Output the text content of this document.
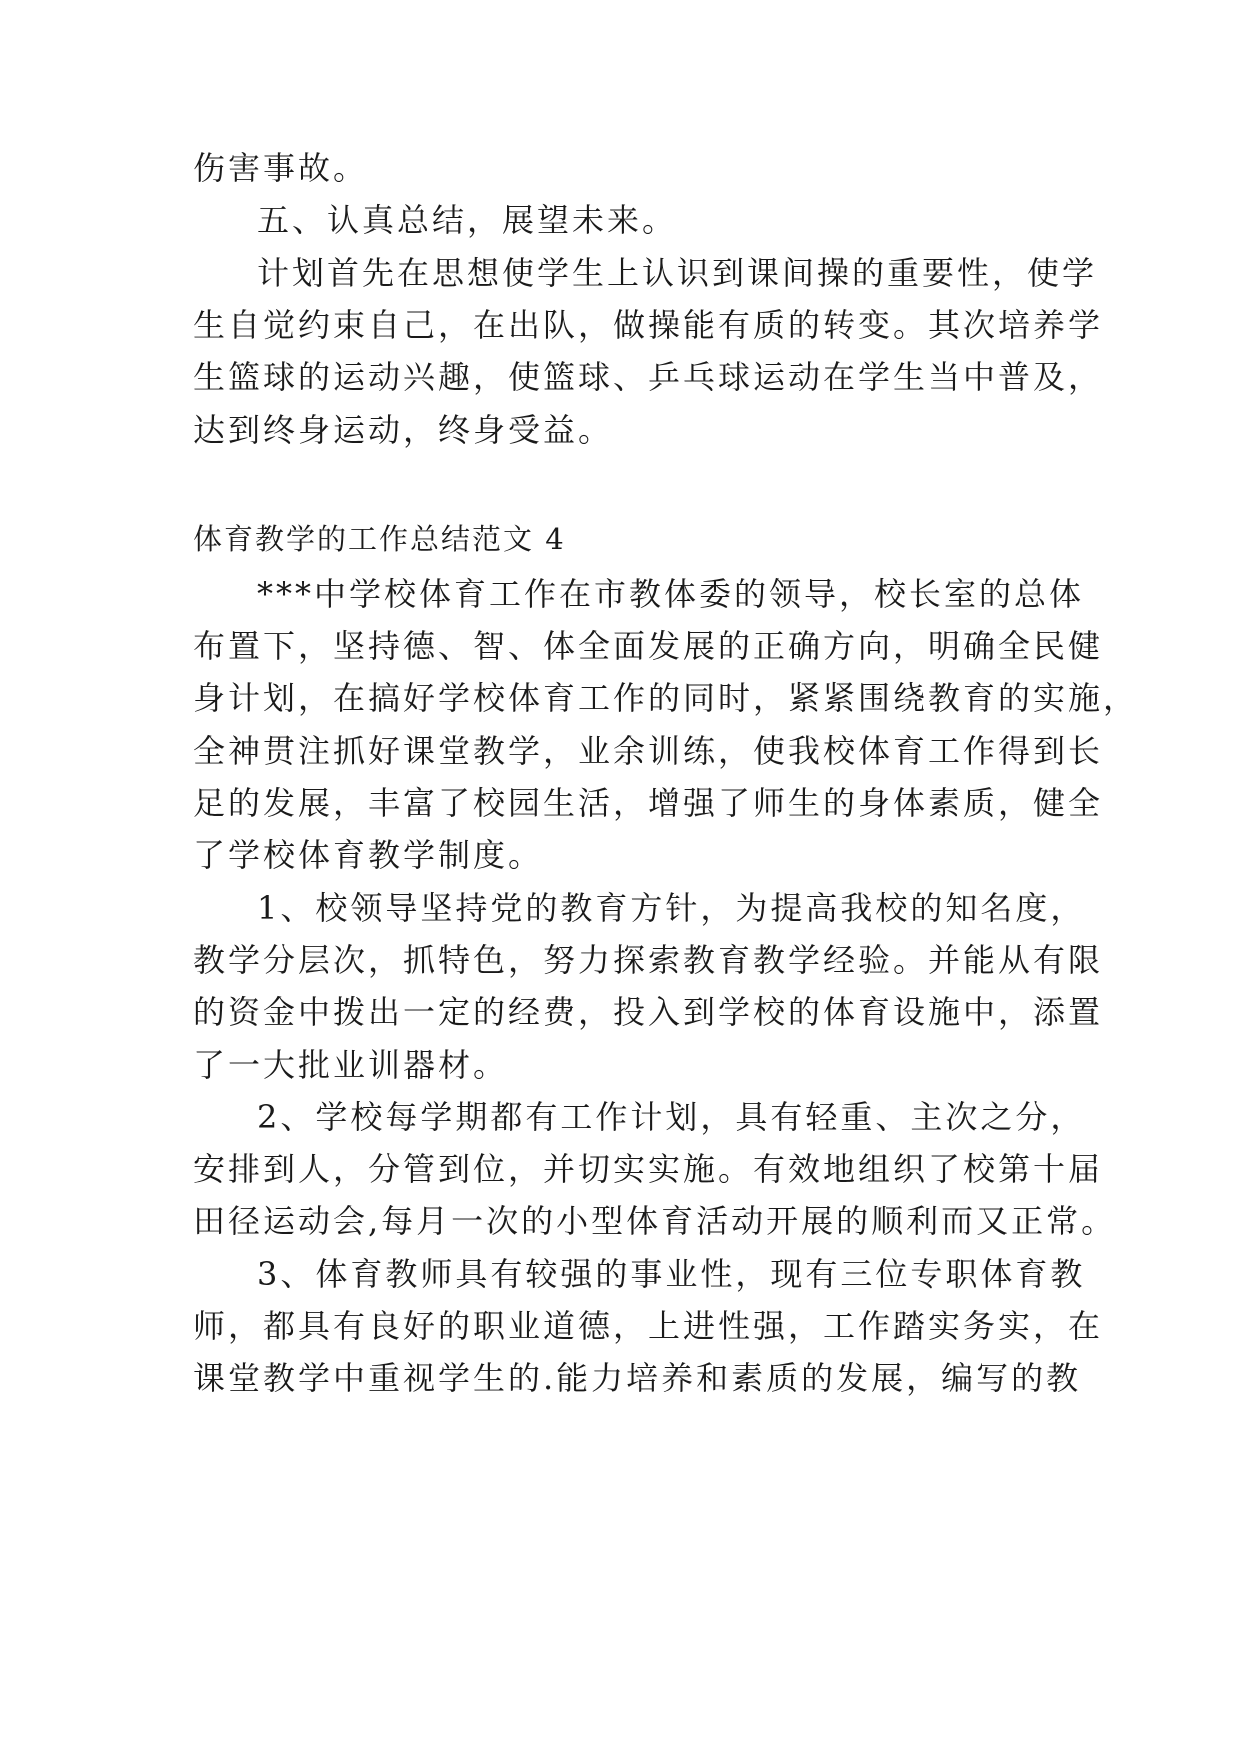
伤害事故。

五、认真总结，展望未来。

计划首先在思想使学生上认识到课间操的重要性，使学

生自觉约束自己，在出队，做操能有质的转变。其次培养学

生篮球的运动兴趣，使篮球、乒乓球运动在学生当中普及，

达到终身运动，终身受益。

体育教学的工作总结范文 4

***中学校体育工作在市教体委的领导，校长室的总体

布置下，坚持德、智、体全面发展的正确方向，明确全民健

身计划，在搞好学校体育工作的同时，紧紧围绕教育的实施，

全神贯注抓好课堂教学，业余训练，使我校体育工作得到长

足的发展，丰富了校园生活，增强了师生的身体素质，健全

了学校体育教学制度。

1、校领导坚持党的教育方针，为提高我校的知名度，

教学分层次，抓特色，努力探索教育教学经验。并能从有限

的资金中拨出一定的经费，投入到学校的体育设施中，添置

了一大批业训器材。

2、学校每学期都有工作计划，具有轻重、主次之分，

安排到人，分管到位，并切实实施。有效地组织了校第十届

田径运动会,每月一次的小型体育活动开展的顺利而又正常。

3、体育教师具有较强的事业性，现有三位专职体育教

师，都具有良好的职业道德，上进性强，工作踏实务实，在

课堂教学中重视学生的.能力培养和素质的发展，编写的教
